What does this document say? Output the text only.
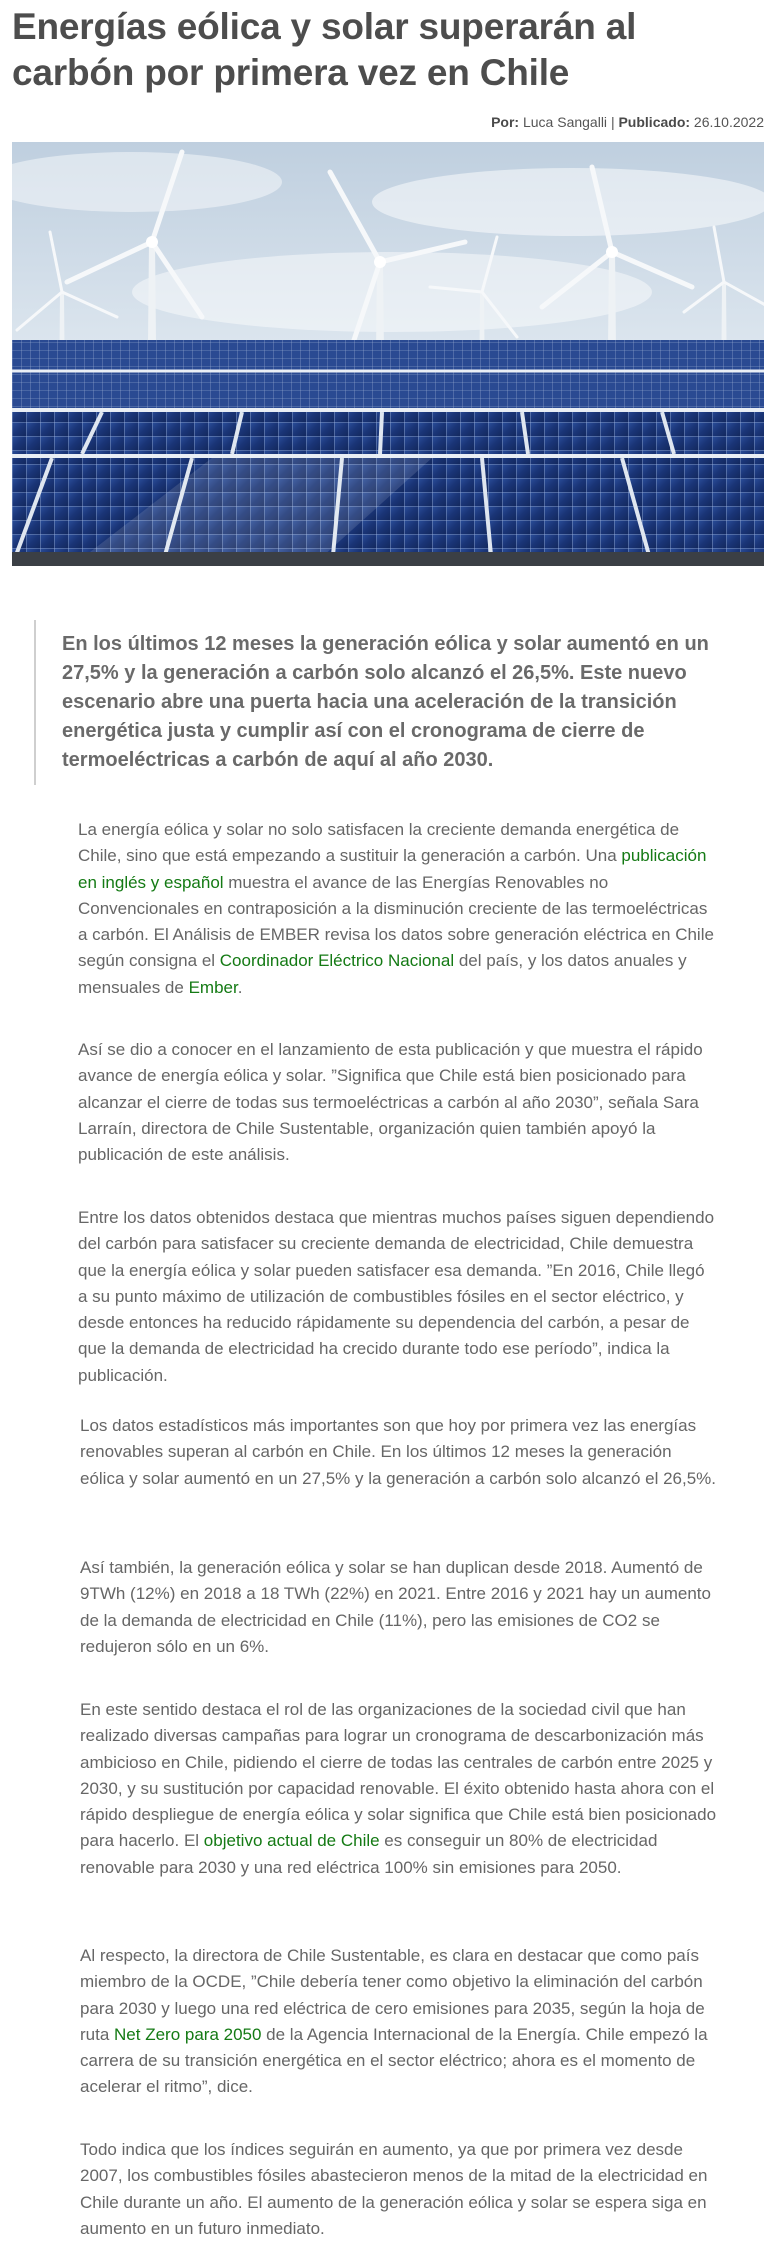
Energías eólica y solar superarán al carbón por primera vez en Chile
Por: Luca Sangalli | Publicado: 26.10.2022
En los últimos 12 meses la generación eólica y solar aumentó en un 27,5% y la generación a carbón solo alcanzó el 26,5%. Este nuevo escenario abre una puerta hacia una aceleración de la transición energética justa y cumplir así con el cronograma de cierre de termoeléctricas a carbón de aquí al año 2030.

La energía eólica y solar no solo satisfacen la creciente demanda energética de Chile, sino que está empezando a sustituir la generación a carbón. Una publicación en inglés y español muestra el avance de las Energías Renovables no Convencionales en contraposición a la disminución creciente de las termoeléctricas a carbón. El Análisis de EMBER revisa los datos sobre generación eléctrica en Chile según consigna el Coordinador Eléctrico Nacional del país, y los datos anuales y mensuales de Ember.

Así se dio a conocer en el lanzamiento de esta publicación y que muestra el rápido avance de energía eólica y solar. ”Significa que Chile está bien posicionado para alcanzar el cierre de todas sus termoeléctricas a carbón al año 2030”, señala Sara Larraín, directora de Chile Sustentable, organización quien también apoyó la publicación de este análisis.

Entre los datos obtenidos destaca que mientras muchos países siguen dependiendo del carbón para satisfacer su creciente demanda de electricidad, Chile demuestra que la energía eólica y solar pueden satisfacer esa demanda. ”En 2016, Chile llegó a su punto máximo de utilización de combustibles fósiles en el sector eléctrico, y desde entonces ha reducido rápidamente su dependencia del carbón, a pesar de que la demanda de electricidad ha crecido durante todo ese período”, indica la publicación.

Los datos estadísticos más importantes son que hoy por primera vez las energías renovables superan al carbón en Chile. En los últimos 12 meses la generación eólica y solar aumentó en un 27,5% y la generación a carbón solo alcanzó el 26,5%.

Así también, la generación eólica y solar se han duplican desde 2018. Aumentó de 9TWh (12%) en 2018 a 18 TWh (22%) en 2021. Entre 2016 y 2021 hay un aumento de la demanda de electricidad en Chile (11%), pero las emisiones de CO2 se redujeron sólo en un 6%.

En este sentido destaca el rol de las organizaciones de la sociedad civil que han realizado diversas campañas para lograr un cronograma de descarbonización más ambicioso en Chile, pidiendo el cierre de todas las centrales de carbón entre 2025 y 2030, y su sustitución por capacidad renovable. El éxito obtenido hasta ahora con el rápido despliegue de energía eólica y solar significa que Chile está bien posicionado para hacerlo. El objetivo actual de Chile es conseguir un 80% de electricidad renovable para 2030 y una red eléctrica 100% sin emisiones para 2050.

Al respecto, la directora de Chile Sustentable, es clara en destacar que como país miembro de la OCDE, ”Chile debería tener como objetivo la eliminación del carbón para 2030 y luego una red eléctrica de cero emisiones para 2035, según la hoja de ruta Net Zero para 2050 de la Agencia Internacional de la Energía. Chile empezó la carrera de su transición energética en el sector eléctrico; ahora es el momento de acelerar el ritmo”, dice.

Todo indica que los índices seguirán en aumento, ya que por primera vez desde 2007, los combustibles fósiles abastecieron menos de la mitad de la electricidad en Chile durante un año. El aumento de la generación eólica y solar se espera siga en aumento en un futuro inmediato.
